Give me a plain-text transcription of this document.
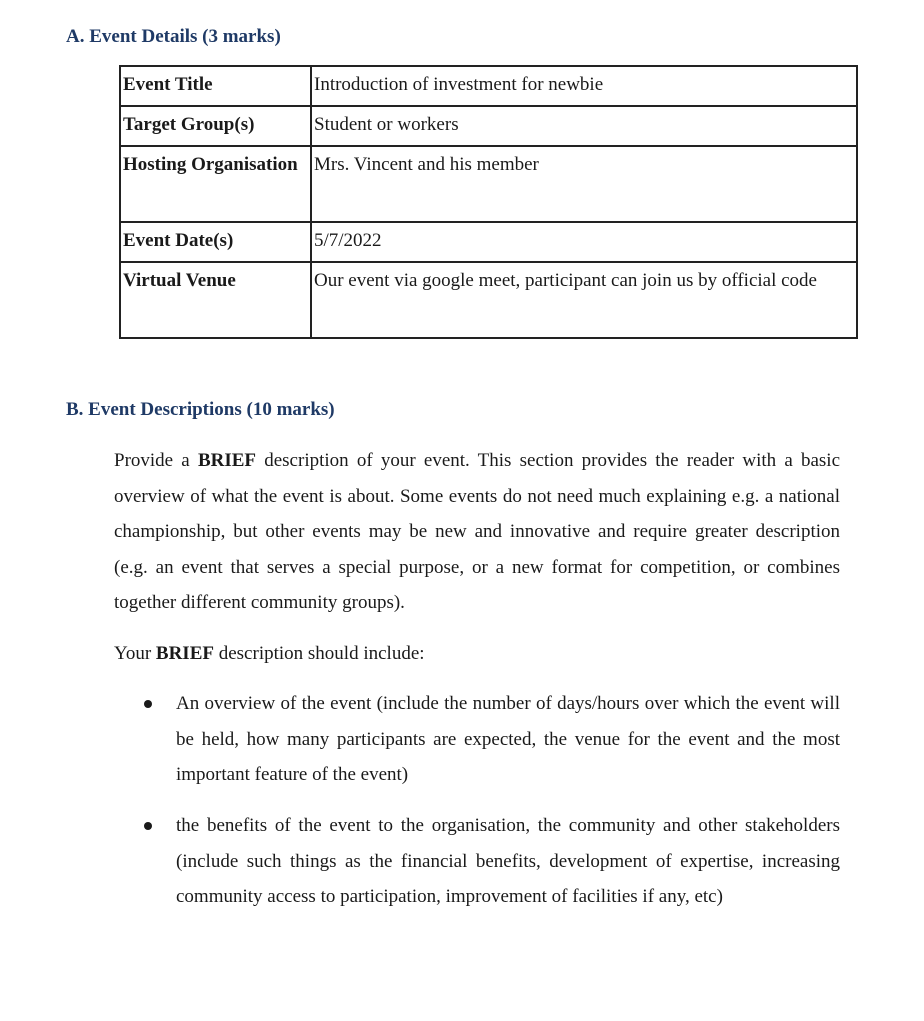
A. Event Details (3 marks)
Event Title	Introduction of investment for newbie
Target Group(s)	Student or workers
Hosting Organisation	Mrs. Vincent and his member
Event Date(s)	5/7/2022
Virtual Venue	Our event via google meet, participant can join us by official code
B. Event Descriptions (10 marks)

Provide a BRIEF description of your event. This section provides the reader with a basic overview of what the event is about. Some events do not need much explaining e.g. a national championship, but other events may be new and innovative and require greater description (e.g. an event that serves a special purpose, or a new format for competition, or combines together different community groups).

Your BRIEF description should include:

An overview of the event (include the number of days/hours over which the event will be held, how many participants are expected, the venue for the event and the most important feature of the event)
the benefits of the event to the organisation, the community and other stakeholders (include such things as the financial benefits, development of expertise, increasing community access to participation, improvement of facilities if any, etc)
